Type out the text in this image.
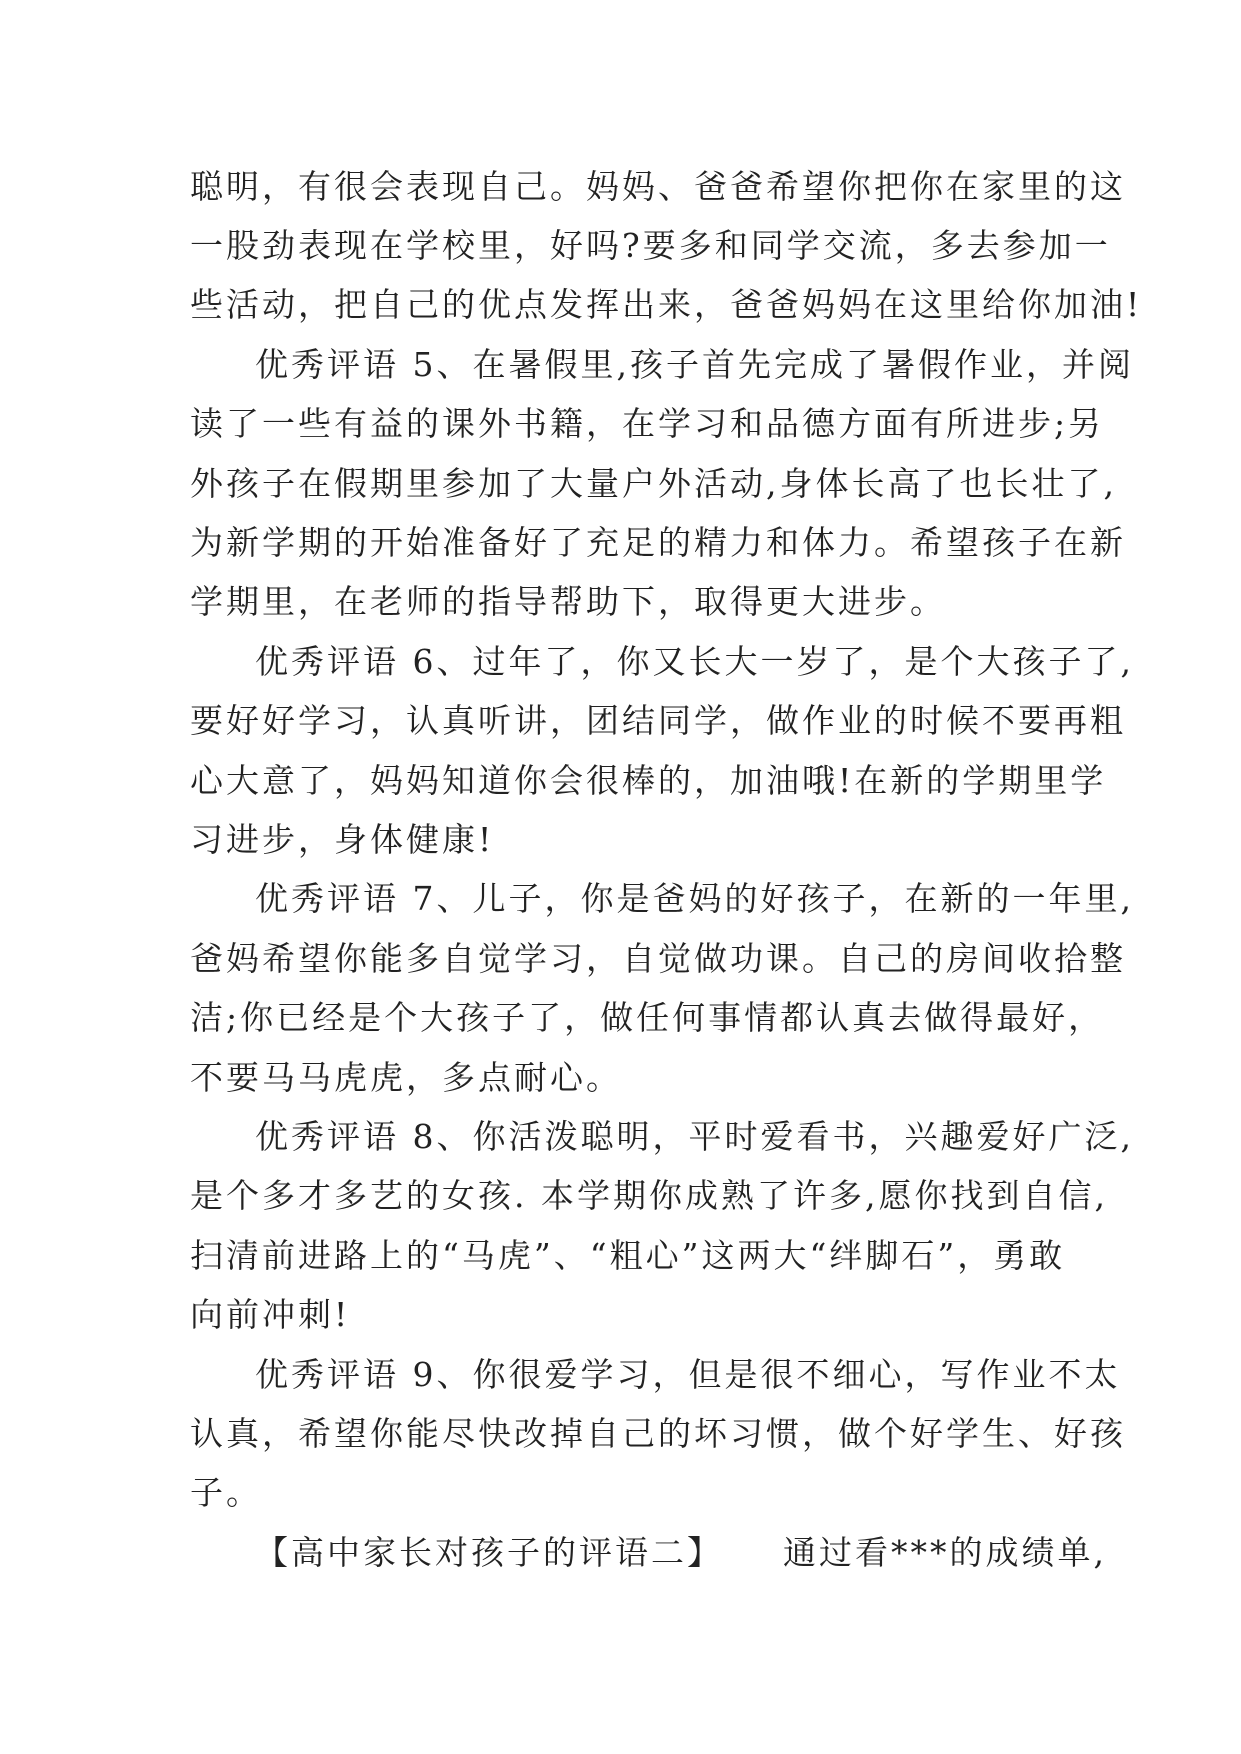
聪明，有很会表现自己。妈妈、爸爸希望你把你在家里的这
一股劲表现在学校里，好吗?要多和同学交流，多去参加一
些活动，把自己的优点发挥出来，爸爸妈妈在这里给你加油!
优秀评语 5、在暑假里,孩子首先完成了暑假作业，并阅
读了一些有益的课外书籍，在学习和品德方面有所进步;另
外孩子在假期里参加了大量户外活动,身体长高了也长壮了,
为新学期的开始准备好了充足的精力和体力。希望孩子在新
学期里，在老师的指导帮助下，取得更大进步。
优秀评语 6、过年了，你又长大一岁了，是个大孩子了,
要好好学习，认真听讲，团结同学，做作业的时候不要再粗
心大意了，妈妈知道你会很棒的，加油哦!在新的学期里学
习进步，身体健康!
优秀评语 7、儿子，你是爸妈的好孩子，在新的一年里,
爸妈希望你能多自觉学习，自觉做功课。自己的房间收拾整
洁;你已经是个大孩子了，做任何事情都认真去做得最好，
不要马马虎虎，多点耐心。
优秀评语 8、你活泼聪明，平时爱看书，兴趣爱好广泛,
是个多才多艺的女孩. 本学期你成熟了许多,愿你找到自信,
扫清前进路上的“马虎”、“粗心”这两大“绊脚石”，勇敢
向前冲刺!
优秀评语 9、你很爱学习，但是很不细心，写作业不太
认真，希望你能尽快改掉自己的坏习惯，做个好学生、好孩
子。
【高中家长对孩子的评语二】 通过看***的成绩单,
